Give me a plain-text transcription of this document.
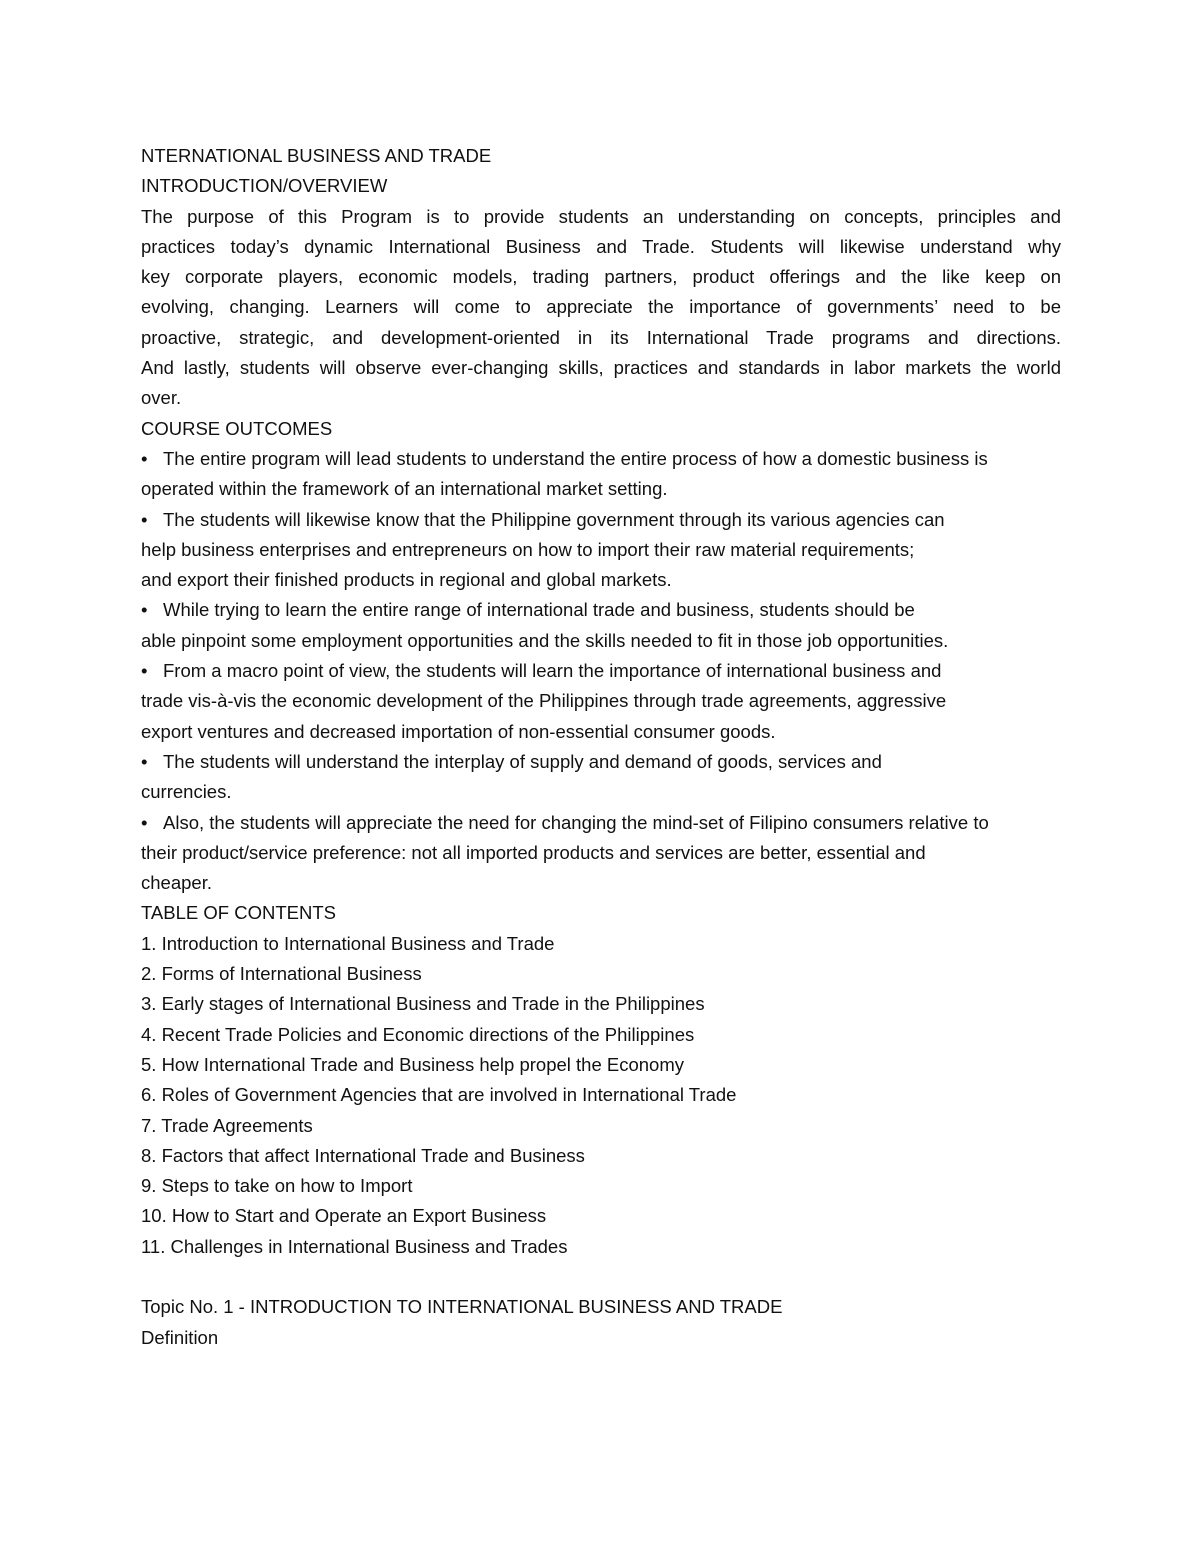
NTERNATIONAL BUSINESS AND TRADE
INTRODUCTION/OVERVIEW
The purpose of this Program is to provide students an understanding on concepts, principles and
practices today’s dynamic International Business and Trade. Students will likewise understand why
key corporate players, economic models, trading partners, product offerings and the like keep on
evolving, changing. Learners will come to appreciate the importance of governments’ need to be
proactive, strategic, and development-oriented in its International Trade programs and directions.
And lastly, students will observe ever-changing skills, practices and standards in labor markets the world
over.
COURSE OUTCOMES
• The entire program will lead students to understand the entire process of how a domestic business is
operated within the framework of an international market setting.
• The students will likewise know that the Philippine government through its various agencies can
help business enterprises and entrepreneurs on how to import their raw material requirements;
and export their finished products in regional and global markets.
• While trying to learn the entire range of international trade and business, students should be
able pinpoint some employment opportunities and the skills needed to fit in those job opportunities.
• From a macro point of view, the students will learn the importance of international business and
trade vis-à-vis the economic development of the Philippines through trade agreements, aggressive
export ventures and decreased importation of non-essential consumer goods.
• The students will understand the interplay of supply and demand of goods, services and
currencies.
• Also, the students will appreciate the need for changing the mind-set of Filipino consumers relative to
their product/service preference: not all imported products and services are better, essential and
cheaper.
TABLE OF CONTENTS
1. Introduction to International Business and Trade
2. Forms of International Business
3. Early stages of International Business and Trade in the Philippines
4. Recent Trade Policies and Economic directions of the Philippines
5. How International Trade and Business help propel the Economy
6. Roles of Government Agencies that are involved in International Trade
7. Trade Agreements
8. Factors that affect International Trade and Business
9. Steps to take on how to Import
10. How to Start and Operate an Export Business
11. Challenges in International Business and Trades
Topic No. 1 - INTRODUCTION TO INTERNATIONAL BUSINESS AND TRADE
Definition
